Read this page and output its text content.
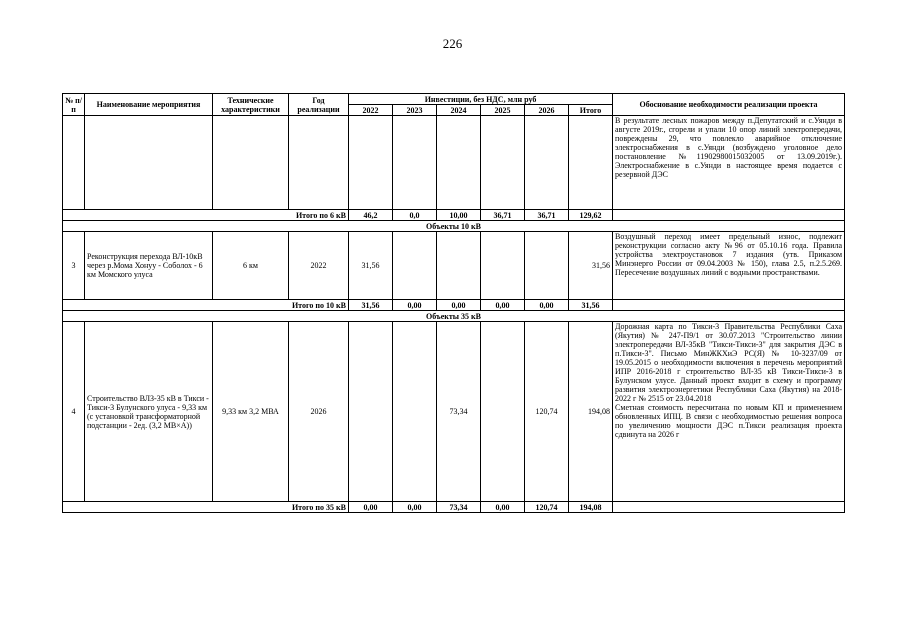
226
№ п/п	Наименование мероприятия	Технические характеристики	Год реализации	Инвестиции, без НДС, млн руб						Обоснование необходимости реализации проекта
				2022	2023	2024	2025	2026	Итого	
										В результате лесных пожаров между п.Депутатский и с.Уянди в августе 2019г., сгорели и упали 10 опор линий электропередачи, повреждены 29, что повлекло аварийное отключение электроснабжения в с.Уянди (возбуждено уголовное дело постановление №11902980015032005 от 13.09.2019г.). Электроснабжение в с.Уянди в настоящее время подается с резервной ДЭС
Итого по 6 кВ				46,2	0,0	10,00	36,71	36,71	129,62	
Объекты 10 кВ										
3	Реконструкция перехода ВЛ-10кВ через р.Мома Хонуу - Соболох - 6 км Момского улуса	6 км	2022	31,56					31,56	Воздушный переход имеет предельный износ, подлежит реконструкции согласно акту №96 от 05.10.16 года. Правила устройства электроустановок 7 издания (утв. Приказом Минэнерго России от 09.04.2003 № 150), глава 2.5, п.2.5.269. Пересечение воздушных линий с водными пространствами.
Итого по 10 кВ				31,56	0,00	0,00	0,00	0,00	31,56	
Объекты 35 кВ										
4	Строительство ВЛЗ-35 кВ в Тикси - Тикси-3 Булунского улуса - 9,33 км (с установкой трансформаторной подстанции - 2ед. (3,2 МВ×А))	9,33 км 3,2 МВА	2026			73,34		120,74	194,08	Дорожная карта по Тикси-3 Правительства Республики Саха (Якутия) № 247-П9/1 от 30.07.2013 "Строительство линии электропередачи ВЛ-35кВ "Тикси-Тикси-3" для закрытия ДЭС в п.Тикси-3". Письмо МинЖКХиЭ РС(Я) № 10-3237/09 от 19.05.2015 о необходимости включения в перечень мероприятий ИПР 2016-2018 г строительство ВЛ-35 кВ Тикси-Тикси-3 в Булунском улусе. Данный проект входит в схему и программу развития электроэнергетики Республики Саха (Якутия) на 2018-2022 г № 2515 от 23.04.2018
Сметная стоимость пересчитана по новым КП и применением обновленных ИПЦ. В связи с необходимостью решения вопроса по увеличению мощности ДЭС п.Тикси реализация проекта сдвинута на 2026 г

Итого по 35 кВ				0,00	0,00	73,34	0,00	120,74	194,08	
